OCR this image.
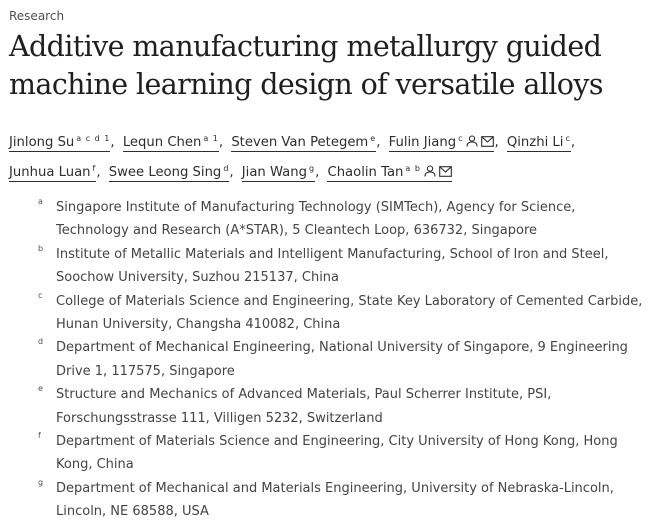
Research
Additive manufacturing metallurgy guided machine learning design of versatile alloys
Jinlong Su $^{a c d 1}$, Lequn Chen $^{a 1}$, Steven Van Petegem $^e$, Fulin Jiang $^c$ , Qinzhi Li $^c$, Junhua Luan $^f$, Swee Leong Sing $^d$, Jian Wang $^g$, Chaolin Tan $^{a b}$
a Singapore Institute of Manufacturing Technology (SIMTech), Agency for Science, Technology and Research (A*STAR), 5 Cleantech Loop, 636732, Singapore
b Institute of Metallic Materials and Intelligent Manufacturing, School of Iron and Steel, Soochow University, Suzhou 215137, China
c College of Materials Science and Engineering, State Key Laboratory of Cemented Carbide, Hunan University, Changsha 410082, China
d Department of Mechanical Engineering, National University of Singapore, 9 Engineering Drive 1, 117575, Singapore
e Structure and Mechanics of Advanced Materials, Paul Scherrer Institute, PSI, Forschungsstrasse 111, Villigen 5232, Switzerland
f Department of Materials Science and Engineering, City University of Hong Kong, Hong Kong, China
g Department of Mechanical and Materials Engineering, University of Nebraska-Lincoln, Lincoln, NE 68588, USA
